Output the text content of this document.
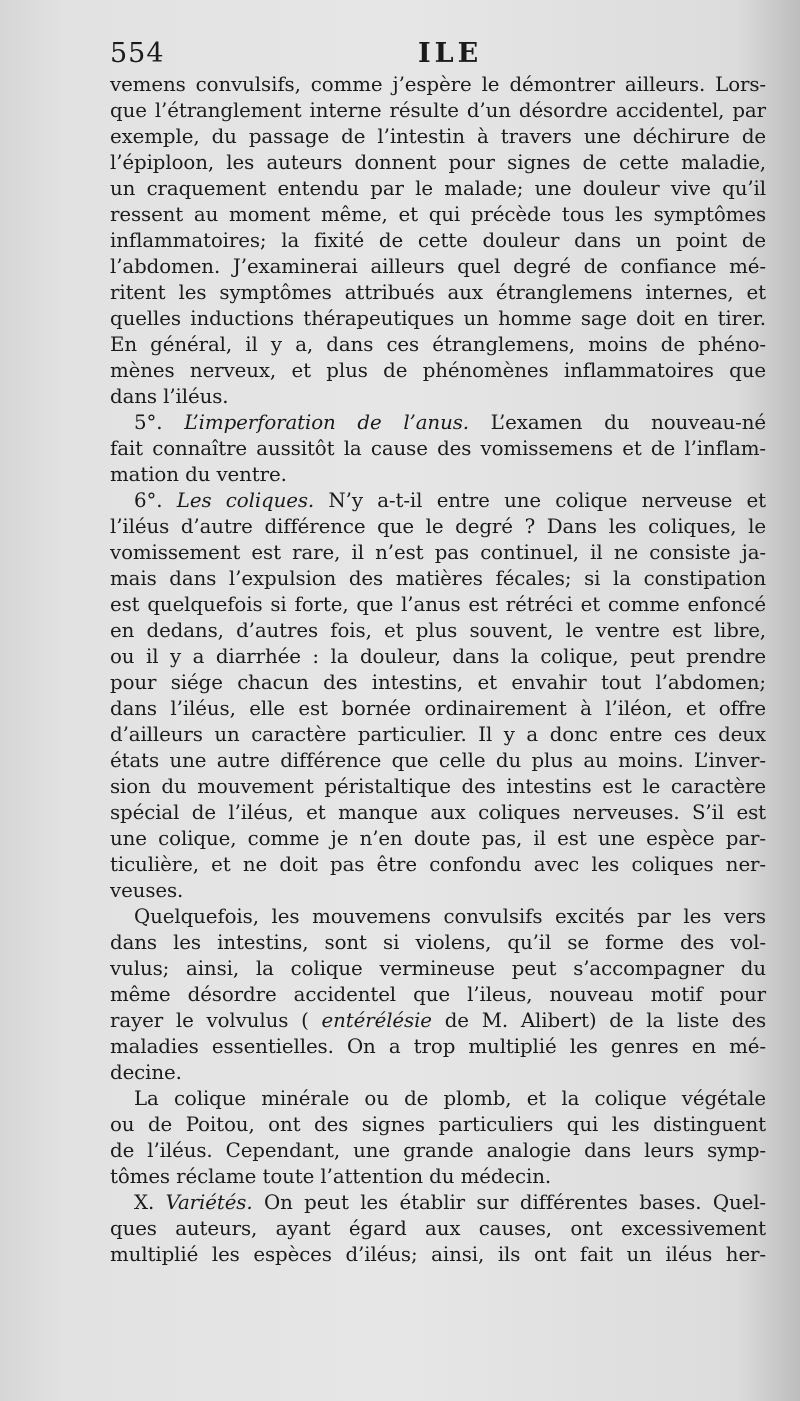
554	ILE
vemens convulsifs, comme j’espère le démontrer ailleurs. Lors-
que l’étranglement interne résulte d’un désordre accidentel, par
exemple, du passage de l’intestin à travers une déchirure de
l’épiploon, les auteurs donnent pour signes de cette maladie,
un craquement entendu par le malade; une douleur vive qu’il
ressent au moment même, et qui précède tous les symptômes
inflammatoires; la fixité de cette douleur dans un point de
l’abdomen. J’examinerai ailleurs quel degré de confiance mé-
ritent les symptômes attribués aux étranglemens internes, et
quelles inductions thérapeutiques un homme sage doit en tirer.
En général, il y a, dans ces étranglemens, moins de phéno-
mènes nerveux, et plus de phénomènes inflammatoires que
dans l’iléus.
5°. L’imperforation de l’anus. L’examen du nouveau-né
fait connaître aussitôt la cause des vomissemens et de l’inflam-
mation du ventre.
6°. Les coliques. N’y a-t-il entre une colique nerveuse et
l’iléus d’autre différence que le degré ? Dans les coliques, le
vomissement est rare, il n’est pas continuel, il ne consiste ja-
mais dans l’expulsion des matières fécales; si la constipation
est quelquefois si forte, que l’anus est rétréci et comme enfoncé
en dedans, d’autres fois, et plus souvent, le ventre est libre,
ou il y a diarrhée : la douleur, dans la colique, peut prendre
pour siége chacun des intestins, et envahir tout l’abdomen;
dans l’iléus, elle est bornée ordinairement à l’iléon, et offre
d’ailleurs un caractère particulier. Il y a donc entre ces deux
états une autre différence que celle du plus au moins. L’inver-
sion du mouvement péristaltique des intestins est le caractère
spécial de l’iléus, et manque aux coliques nerveuses. S’il est
une colique, comme je n’en doute pas, il est une espèce par-
ticulière, et ne doit pas être confondu avec les coliques ner-
veuses.
Quelquefois, les mouvemens convulsifs excités par les vers
dans les intestins, sont si violens, qu’il se forme des vol-
vulus; ainsi, la colique vermineuse peut s’accompagner du
même désordre accidentel que l’ileus, nouveau motif pour
rayer le volvulus ( entérélésie de M. Alibert) de la liste des
maladies essentielles. On a trop multiplié les genres en mé-
decine.
La colique minérale ou de plomb, et la colique végétale
ou de Poitou, ont des signes particuliers qui les distinguent
de l’iléus. Cependant, une grande analogie dans leurs symp-
tômes réclame toute l’attention du médecin.
X. Variétés. On peut les établir sur différentes bases. Quel-
ques auteurs, ayant égard aux causes, ont excessivement
multiplié les espèces d’iléus; ainsi, ils ont fait un iléus her-
